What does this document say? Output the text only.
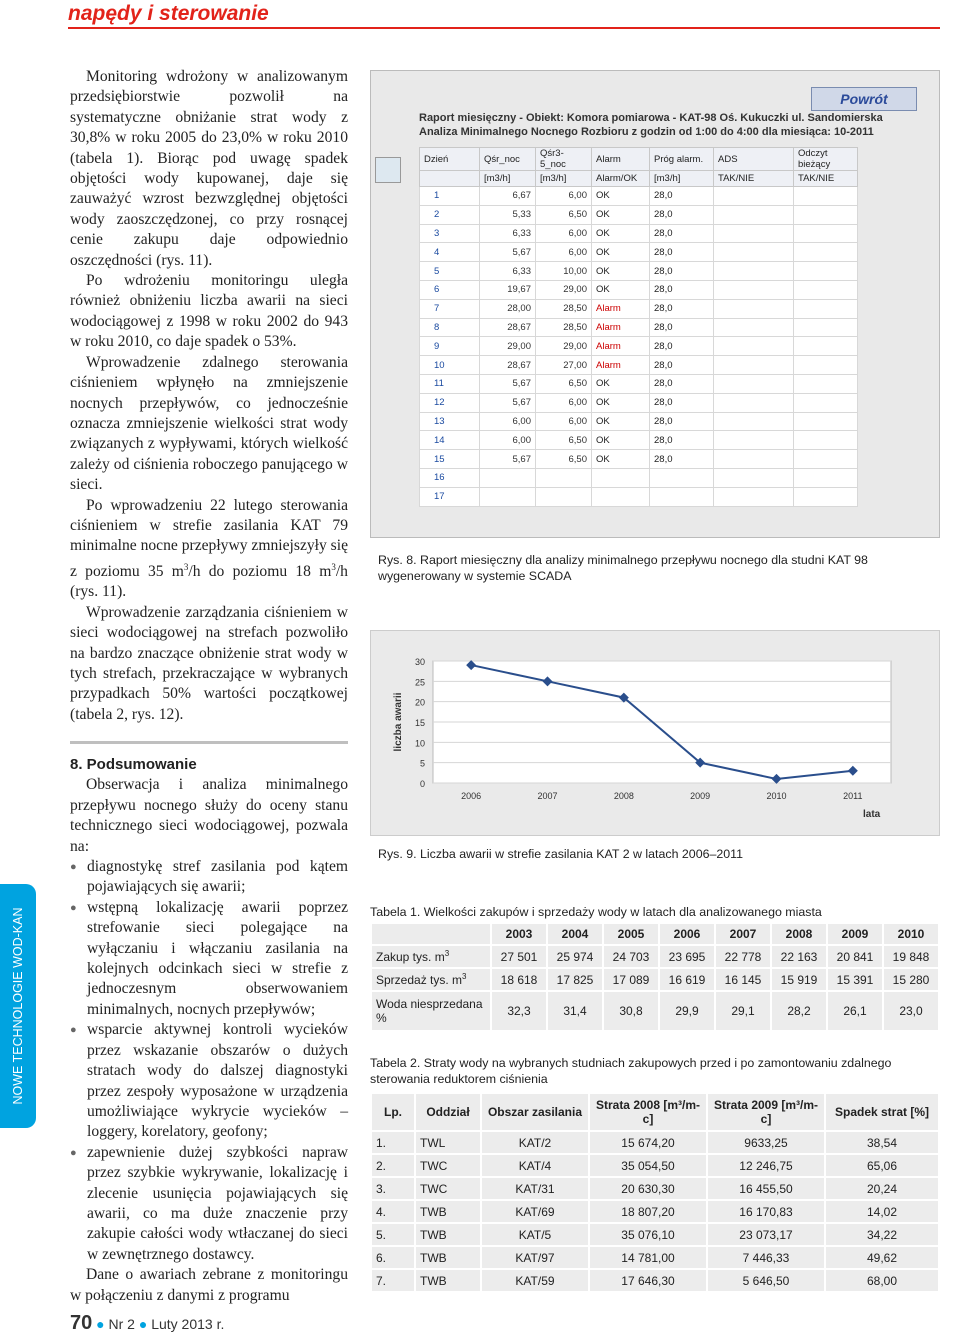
napędy i sterowanie
NOWE TECHNOLOGIE WOD-KAN

Monitoring wdrożony w analizowanym przedsiębiorstwie pozwolił na systematyczne obniżanie strat wody z 30,8% w roku 2005 do 23,0% w roku 2010 (tabela 1). Biorąc pod uwagę spadek objętości wody kupowanej, daje się zauważyć wzrost bezwzględnej objętości wody zaoszczędzonej, co przy rosnącej cenie zakupu daje odpowiednio oszczędności (rys. 11).

Po wdrożeniu monitoringu uległa również obniżeniu liczba awarii na sieci wodociągowej z 1998 w roku 2002 do 943 w roku 2010, co daje spadek o 53%.

Wprowadzenie zdalnego sterowania ciśnieniem wpłynęło na zmniejszenie nocnych przepływów, co jednocześnie oznacza zmniejszenie wielkości strat wody związanych z wypływami, których wielkość zależy od ciśnienia roboczego panującego w sieci.

Po wprowadzeniu 22 lutego sterowania ciśnieniem w strefie zasilania KAT 79 minimalne nocne przepływy zmniejszyły się z poziomu 35 $m^3/h$ do poziomu 18 $m^3/h$ (rys. 11).

Wprowadzenie zarządzania ciśnieniem w sieci wodociągowej na strefach pozwoliło na bardzo znaczące obniżenie strat wody w tych strefach, przekraczające w wybranych przypadkach 50% wartości początkowej (tabela 2, rys. 12).

8. Podsumowanie

Obserwacja i analiza minimalnego przepływu nocnego służy do oceny stanu technicznego sieci wodociągowej, pozwala na:

● diagnostykę stref zasilania pod kątem pojawiających się awarii;
● wstępną lokalizację awarii poprzez strefowanie sieci polegające na wyłączaniu i włączaniu zasilania na kolejnych odcinkach sieci w strefie z jednoczesnym obserwowaniem minimalnych, nocnych przepływów;
● wsparcie aktywnej kontroli wycieków przez wskazanie obszarów o dużych stratach wody do dalszej diagnostyki przez zespoły wyposażone w urządzenia umożliwiające wykrycie wycieków – loggery, korelatory, geofony;
● zapewnienie dużej szybkości napraw przez szybkie wykrywanie, lokalizację i zlecenie usunięcia pojawiających się awarii, co ma duże znaczenie przy zakupie całości wody wtłaczanej do sieci w zewnętrznego dostawcy.

Dane o awariach zebrane z monitoringu w połączeniu z danymi z programu

70 ● Nr 2 ● Luty 2013 r.
Powrót
Raport miesięczny - Obiekt: Komora pomiarowa - KAT-98 Oś. Kukuczki ul. Sandomierska
Analiza Minimalnego Nocnego Rozbioru z godzin od 1:00 do 4:00 dla miesiąca: 10-2011
Dzień	Qśr_noc	Qśr3-5_noc	Alarm	Próg alarm.	ADS	Odczyt bieżący
	[m3/h]	[m3/h]	Alarm/OK	[m3/h]	TAK/NIE	TAK/NIE
1	6,67	6,00	OK	28,0		
2	5,33	6,50	OK	28,0		
3	6,33	6,00	OK	28,0		
4	5,67	6,00	OK	28,0		
5	6,33	10,00	OK	28,0		
6	19,67	29,00	OK	28,0		
7	28,00	28,50	Alarm	28,0		
8	28,67	28,50	Alarm	28,0		
9	29,00	29,00	Alarm	28,0		
10	28,67	27,00	Alarm	28,0		
11	5,67	6,50	OK	28,0		
12	5,67	6,00	OK	28,0		
13	6,00	6,00	OK	28,0		
14	6,00	6,50	OK	28,0		
15	5,67	6,50	OK	28,0		
16						
17						
Rys. 8. Raport miesięczny dla analizy minimalnego przepływu nocnego dla studni KAT 98 wygenerowany w systemie SCADA
0
5
10
15
20
25
30
2006	2007	2008	2009	2010	2011
liczba awarii
lata
Rys. 9. Liczba awarii w strefie zasilania KAT 2 w latach 2006–2011
Tabela 1. Wielkości zakupów i sprzedaży wody w latach dla analizowanego miasta
	2003	2004	2005	2006	2007	2008	2009	2010
Zakup tys. $m^3$	27 501	25 974	24 703	23 695	22 778	22 163	20 841	19 848
Sprzedaż tys. $m^3$	18 618	17 825	17 089	16 619	16 145	15 919	15 391	15 280
Woda niesprzedana %	32,3	31,4	30,8	29,9	29,1	28,2	26,1	23,0
Tabela 2. Straty wody na wybranych studniach zakupowych przed i po zamontowaniu zdalnego sterowania reduktorem ciśnienia
Lp.	Oddział	Obszar zasilania	Strata 2008 [m³/m-c]	Strata 2009 [m³/m-c]	Spadek strat [%]
1.	TWL	KAT/2	15 674,20	9633,25	38,54
2.	TWC	KAT/4	35 054,50	12 246,75	65,06
3.	TWC	KAT/31	20 630,30	16 455,50	20,24
4.	TWB	KAT/69	18 807,20	16 170,83	14,02
5.	TWB	KAT/5	35 076,10	23 073,17	34,22
6.	TWB	KAT/97	14 781,00	7 446,33	49,62
7.	TWB	KAT/59	17 646,30	5 646,50	68,00
